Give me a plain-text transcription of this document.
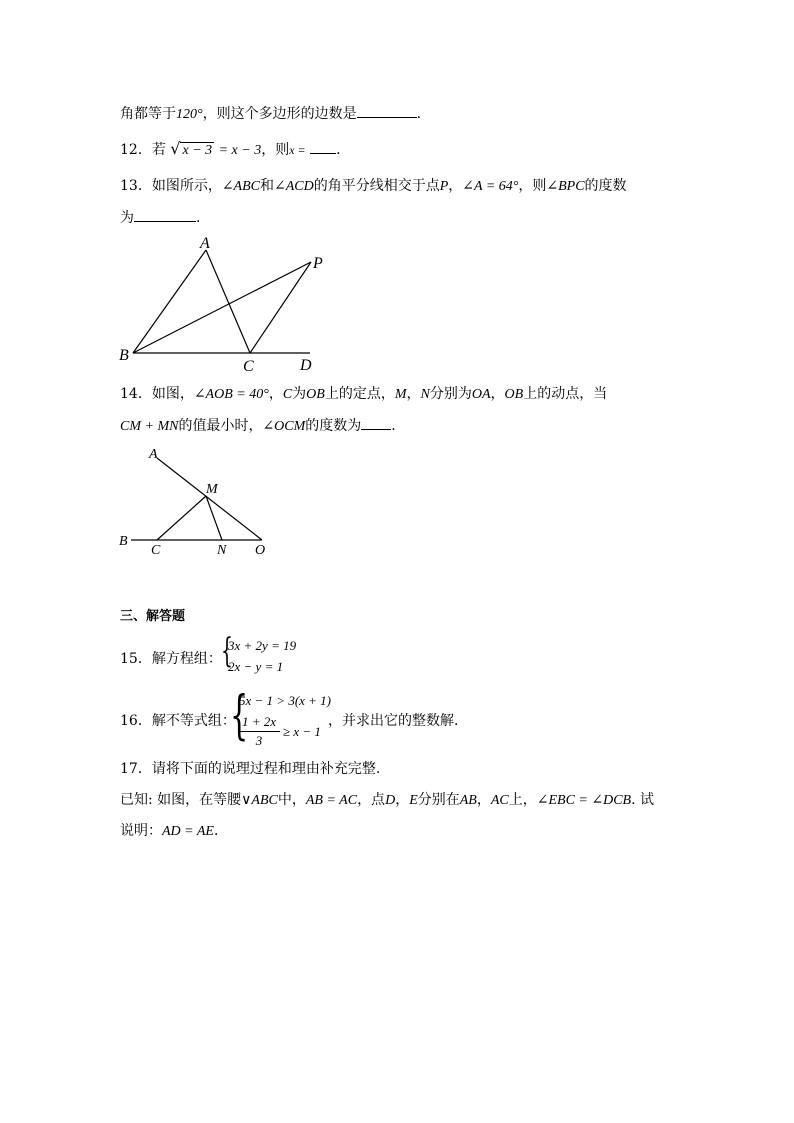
角都等于120°，则这个多边形的边数是	.
12．若 √ x − 3 = x − 3，则x = .
13．如图所示，∠ABC和∠ACD的角平分线相交于点P，∠A = 64°，则∠BPC的度数
为	.
A
B
C	D
P
A
M
B
C	N O
14．如图，∠AOB = 40°，C为OB上的定点，M，N分别为OA，OB上的动点，当
CM + MN的值最小时，∠OCM的度数为 .
三、解答题
15．解方程组： {
3x + 2y = 19
2x − y = 1
16．解不等式组：
{
5x − 1 > 3(x + 1)
1 + 2x
3
≥ x − 1
，并求出它的整数解.
17．请将下面的说理过程和理由补充完整.
已知: 如图，在等腰∨ABC中，AB = AC，点D，E分别在AB，AC上，∠EBC = ∠DCB. 试
说明：AD = AE.
